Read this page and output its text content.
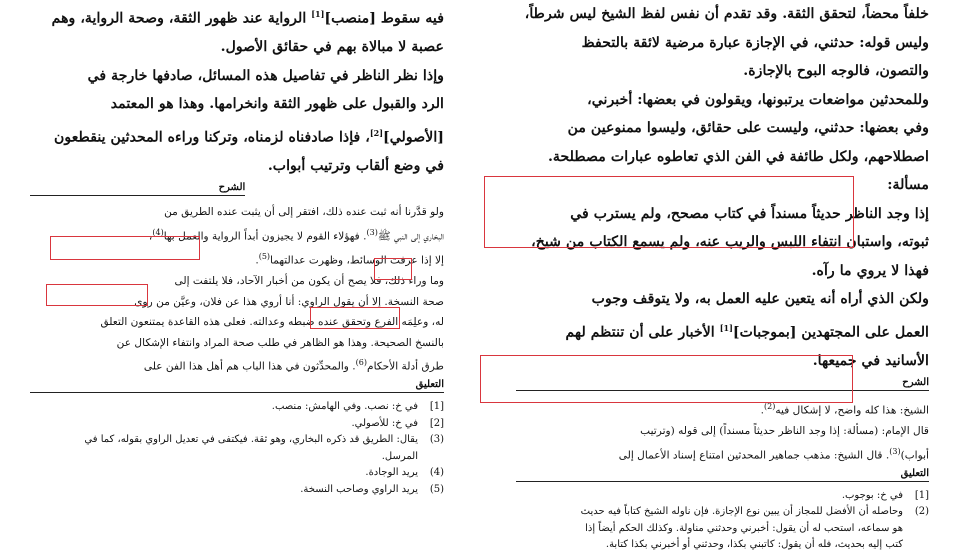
فيه سقوط [منصب][1] الرواية عند ظهور الثقة، وصحة الرواية، وهم

عصبة لا مبالاة بهم في حقائق الأصول.

وإذا نظر الناظر في تفاصيل هذه المسائل، صادفها خارجة في

الرد والقبول على ظهور الثقة وانخرامها. وهذا هو المعتمد

[الأصولي][2]، فإذا صادفناه لزمناه، وتركنا وراءه المحدثين ينقطعون

في وضع ألقاب وترتيب أبواب.

الشرح

ولو قدَّرنا أنه ثبت عنده ذلك، افتقر إلى أن يثبت عنده الطريق من

البخاري إلى النبي ﷺ$^{(3)}$. فهؤلاء القوم لا يجيزون أبداً الرواية والعمل بها$^{(4)}$،

إلا إذا عرفت الوسائط، وظهرت عدالتهما$^{(5)}$.

وما وراء ذلك، فلا يصح أن يكون من أخبار الآحاد، فلا يلتفت إلى

صحة النسخة. إلا أن يقول الراوي: أنا أروي هذا عن فلان، وعيَّن من روى

له، وعلِمَه الفرع وتحقق عنده ضبطه وعدالته. فعلى هذه القاعدة يمتنعون التعلق

بالنسخ الصحيحة. وهذا هو الظاهر في طلب صحة المراد وانتفاء الإشكال عن

طرق أدلة الأحكام$^{(6)}$. والمحدِّثون في هذا الباب هم أهل هذا الفن على

التعليق
[1]
في خ: نصب. وفي الهامش: منصب.
[2]
في خ: للأصولي.
(3)
يقال: الطريق قد ذكره البخاري، وهو ثقة. فيكتفى في تعديل الراوي بقوله، كما في
المرسل.
(4)
يريد الوجادة.
(5)
يريد الراوي وصاحب النسخة.

خلفاً محضاً، لتحقق الثقة. وقد تقدم أن نفس لفظ الشيخ ليس شرطاً،

وليس قوله: حدثني، في الإجازة عبارة مرضية لائقة بالتحفظ

والتصون، فالوجه البوح بالإجازة.

وللمحدثين مواضعات يرتبونها، ويقولون في بعضها: أخبرني،

وفي بعضها: حدثني، وليست على حقائق، وليسوا ممنوعين من

اصطلاحهم، ولكل طائفة في الفن الذي تعاطوه عبارات مصطلحة.

مسألة:

إذا وجد الناظر حديثاً مسنداً في كتاب مصحح، ولم يسترب في

ثبوته، واستبان انتفاء اللبس والريب عنه، ولم يسمع الكتاب من شيخ،

فهذا لا يروي ما رآه.

ولكن الذي أراه أنه يتعين عليه العمل به، ولا يتوقف وجوب

العمل على المجتهدين [بموجبات][1] الأخبار على أن تنتظم لهم

الأسانيد في جميعها.

الشرح

الشيخ: هذا كله واضح، لا إشكال فيه$^{(2)}$.

قال الإمام: (مسألة: إذا وجد الناظر حديثاً مسنداً) إلى قوله (وترتيب

أبواب)$^{(3)}$. قال الشيخ: مذهب جماهير المحدثين امتناع إسناد الأعمال إلى

التعليق
[1]
في خ: بوجوب.
(2)
وحاصله أن الأفضل للمجاز أن يبين نوع الإجازة. فإن ناوله الشيخ كتاباً فيه حديث
هو سماعه، استحب له أن يقول: أخبرني وحدثني مناولة. وكذلك الحكم أيضاً إذا
كتب إليه بحديث، فله أن يقول: كاتبني بكذا، وحدثني أو أخبرني بكذا كتابة.
